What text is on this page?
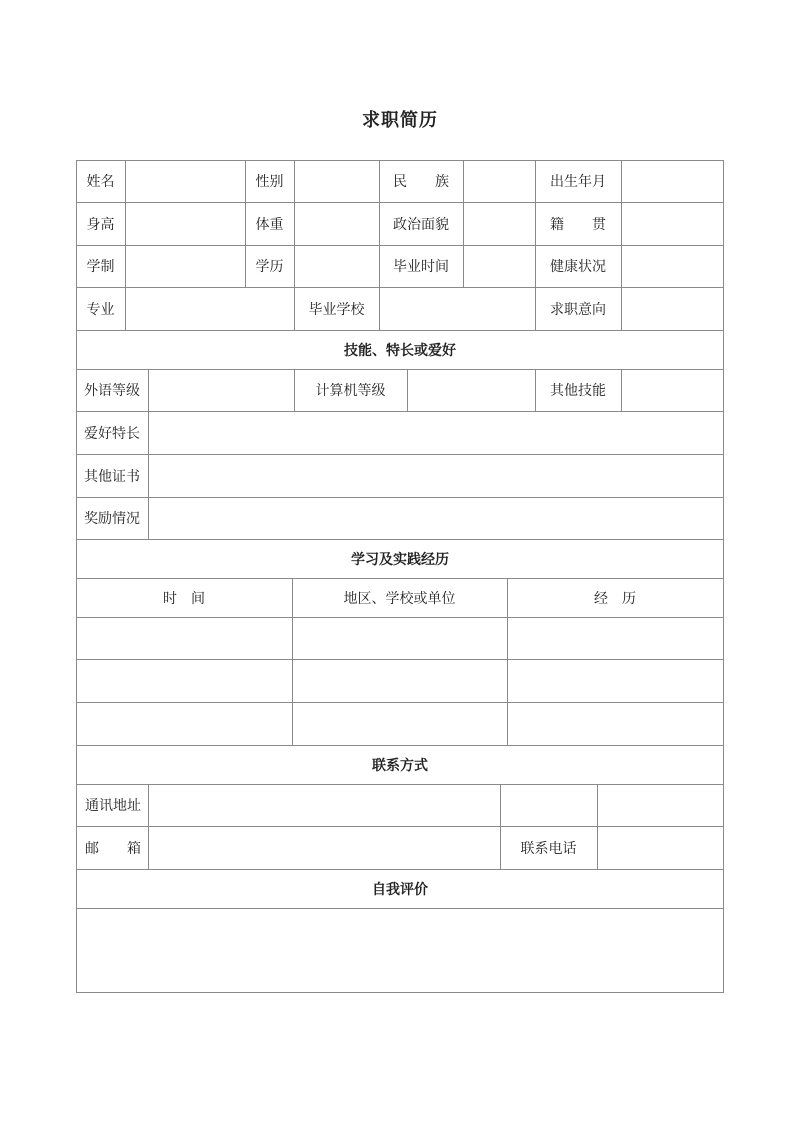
求职简历
姓名	性别	民　　族	出生年月
身高	体重	政治面貌	籍　　贯
学制	学历	毕业时间	健康状况
专业	毕业学校	求职意向
技能、特长或爱好
外语等级	计算机等级	其他技能
爱好特长
其他证书
奖励情况
学习及实践经历
时　间	地区、学校或单位	经　历
联系方式
通讯地址
邮　　箱	联系电话
自我评价
